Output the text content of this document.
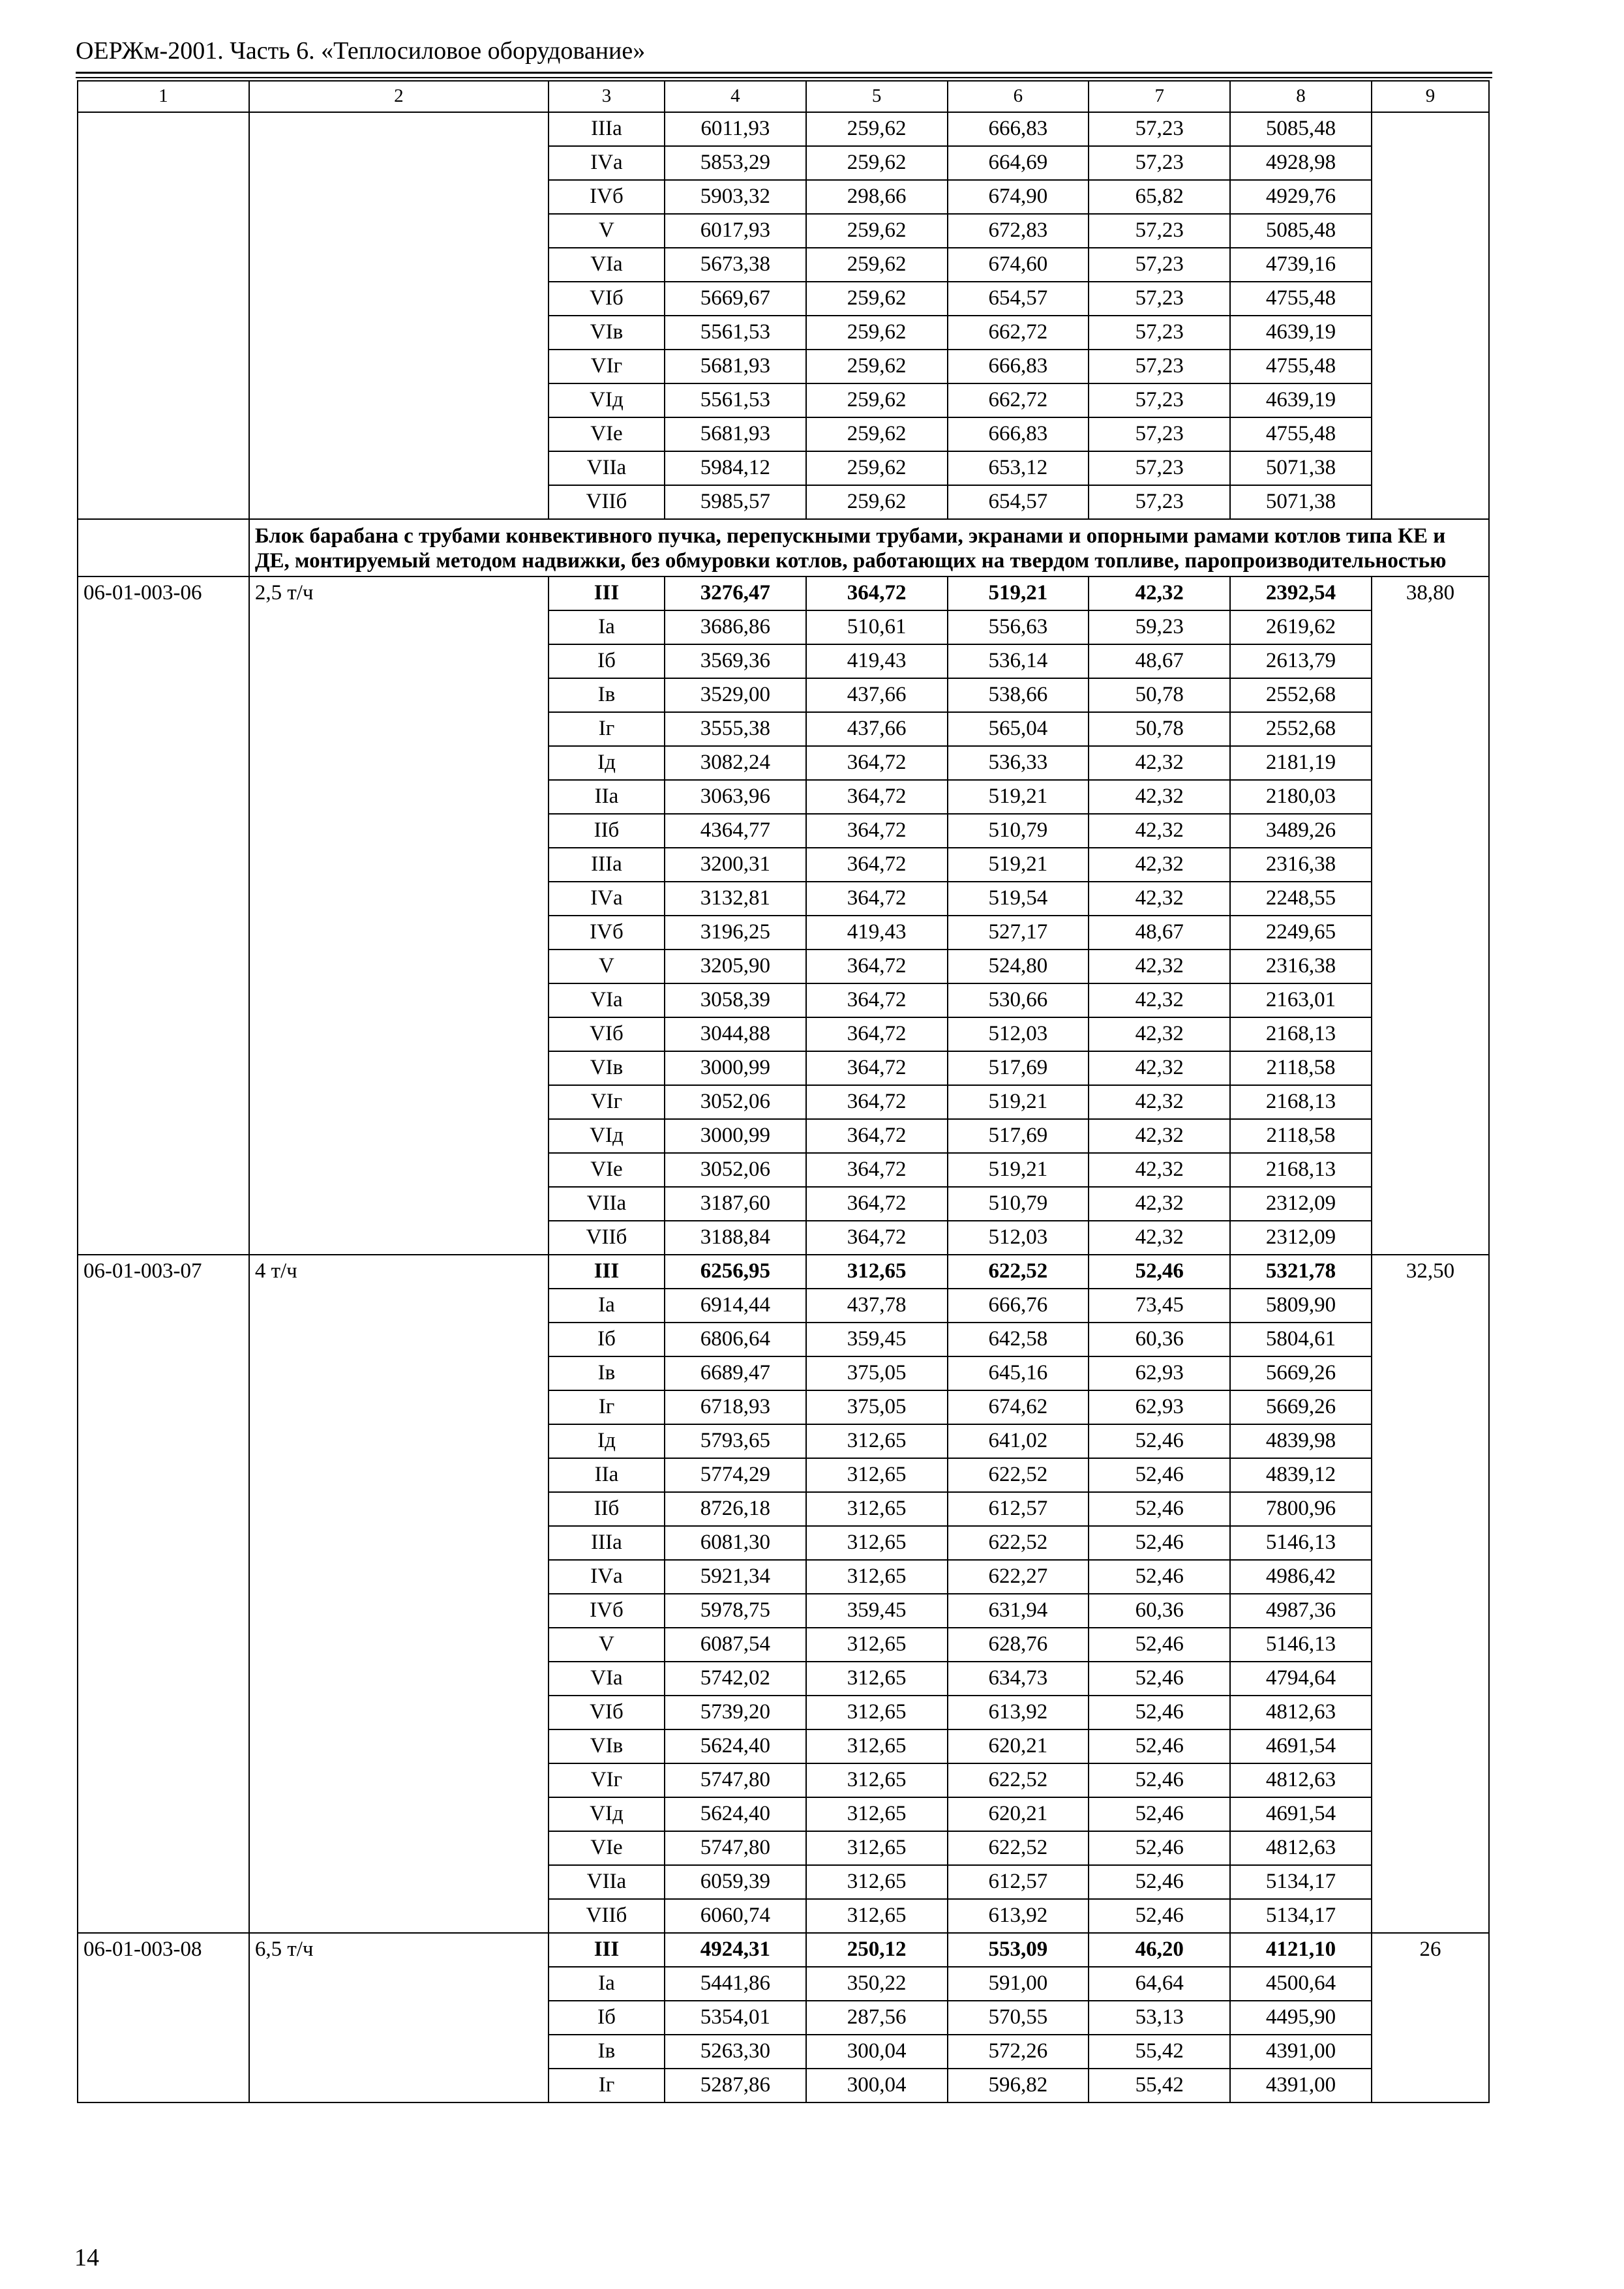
ОЕРЖм-2001. Часть 6. «Теплосиловое оборудование»
1	2	3	4	5	6	7	8	9
		IIIа	6011,93	259,62	666,83	57,23	5085,48	
		IVа	5853,29	259,62	664,69	57,23	4928,98	
		IVб	5903,32	298,66	674,90	65,82	4929,76	
		V	6017,93	259,62	672,83	57,23	5085,48	
		VIа	5673,38	259,62	674,60	57,23	4739,16	
		VIб	5669,67	259,62	654,57	57,23	4755,48	
		VIв	5561,53	259,62	662,72	57,23	4639,19	
		VIг	5681,93	259,62	666,83	57,23	4755,48	
		VIд	5561,53	259,62	662,72	57,23	4639,19	
		VIе	5681,93	259,62	666,83	57,23	4755,48	
		VIIа	5984,12	259,62	653,12	57,23	5071,38	
		VIIб	5985,57	259,62	654,57	57,23	5071,38	
	Блок барабана с трубами конвективного пучка, перепускными трубами, экранами и опорными рамами котлов типа КЕ и ДЕ, монтируемый методом надвижки, без обмуровки котлов, работающих на твердом топливе, паропроизводительностью							
06-01-003-06	2,5 т/ч	III	3276,47	364,72	519,21	42,32	2392,54	38,80
		Iа	3686,86	510,61	556,63	59,23	2619,62	
		Iб	3569,36	419,43	536,14	48,67	2613,79	
		Iв	3529,00	437,66	538,66	50,78	2552,68	
		Iг	3555,38	437,66	565,04	50,78	2552,68	
		Iд	3082,24	364,72	536,33	42,32	2181,19	
		IIа	3063,96	364,72	519,21	42,32	2180,03	
		IIб	4364,77	364,72	510,79	42,32	3489,26	
		IIIа	3200,31	364,72	519,21	42,32	2316,38	
		IVа	3132,81	364,72	519,54	42,32	2248,55	
		IVб	3196,25	419,43	527,17	48,67	2249,65	
		V	3205,90	364,72	524,80	42,32	2316,38	
		VIа	3058,39	364,72	530,66	42,32	2163,01	
		VIб	3044,88	364,72	512,03	42,32	2168,13	
		VIв	3000,99	364,72	517,69	42,32	2118,58	
		VIг	3052,06	364,72	519,21	42,32	2168,13	
		VIд	3000,99	364,72	517,69	42,32	2118,58	
		VIе	3052,06	364,72	519,21	42,32	2168,13	
		VIIа	3187,60	364,72	510,79	42,32	2312,09	
		VIIб	3188,84	364,72	512,03	42,32	2312,09	
06-01-003-07	4 т/ч	III	6256,95	312,65	622,52	52,46	5321,78	32,50
		Iа	6914,44	437,78	666,76	73,45	5809,90	
		Iб	6806,64	359,45	642,58	60,36	5804,61	
		Iв	6689,47	375,05	645,16	62,93	5669,26	
		Iг	6718,93	375,05	674,62	62,93	5669,26	
		Iд	5793,65	312,65	641,02	52,46	4839,98	
		IIа	5774,29	312,65	622,52	52,46	4839,12	
		IIб	8726,18	312,65	612,57	52,46	7800,96	
		IIIа	6081,30	312,65	622,52	52,46	5146,13	
		IVа	5921,34	312,65	622,27	52,46	4986,42	
		IVб	5978,75	359,45	631,94	60,36	4987,36	
		V	6087,54	312,65	628,76	52,46	5146,13	
		VIа	5742,02	312,65	634,73	52,46	4794,64	
		VIб	5739,20	312,65	613,92	52,46	4812,63	
		VIв	5624,40	312,65	620,21	52,46	4691,54	
		VIг	5747,80	312,65	622,52	52,46	4812,63	
		VIд	5624,40	312,65	620,21	52,46	4691,54	
		VIе	5747,80	312,65	622,52	52,46	4812,63	
		VIIа	6059,39	312,65	612,57	52,46	5134,17	
		VIIб	6060,74	312,65	613,92	52,46	5134,17	
06-01-003-08	6,5 т/ч	III	4924,31	250,12	553,09	46,20	4121,10	26
		Iа	5441,86	350,22	591,00	64,64	4500,64	
		Iб	5354,01	287,56	570,55	53,13	4495,90	
		Iв	5263,30	300,04	572,26	55,42	4391,00	
		Iг	5287,86	300,04	596,82	55,42	4391,00	
14
